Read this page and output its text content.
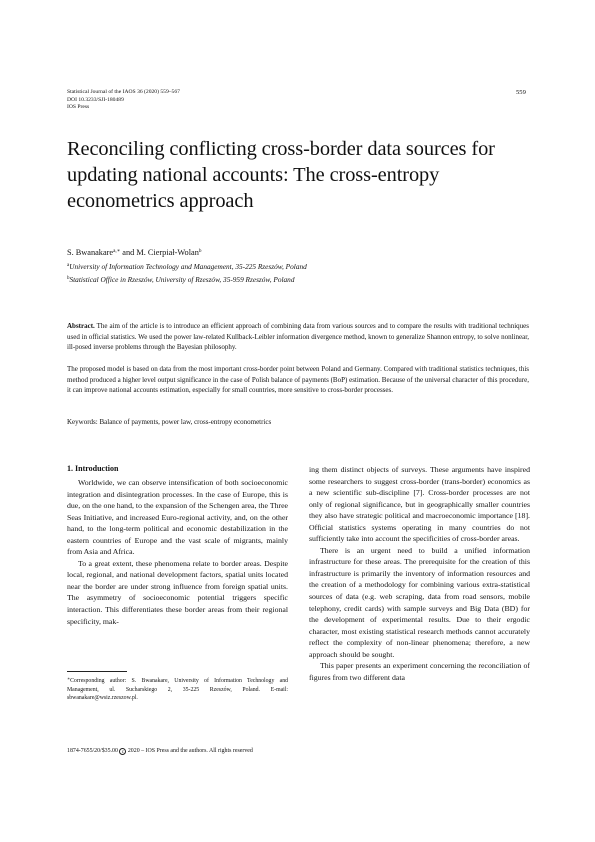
Statistical Journal of the IAOS 36 (2020) 559–567
DOI 10.3233/SJI-180489
IOS Press
559
Reconciling conflicting cross-border data sources for updating national accounts: The cross-entropy econometrics approach
S. Bwanakare$^{a,∗}$ and M. Cierpiał-Wolan$^b$
$^a$University of Information Technology and Management, 35-225 Rzeszów, Poland
$^b$Statistical Office in Rzeszów, University of Rzeszów, 35-959 Rzeszów, Poland
Abstract. The aim of the article is to introduce an efficient approach of combining data from various sources and to compare the results with traditional techniques used in official statistics. We used the power law-related Kullback-Leibler information divergence method, known to generalize Shannon entropy, to solve nonlinear, ill-posed inverse problems through the Bayesian philosophy.
The proposed model is based on data from the most important cross-border point between Poland and Germany. Compared with traditional statistics techniques, this method produced a higher level output significance in the case of Polish balance of payments (BoP) estimation. Because of the universal character of this procedure, it can improve national accounts estimation, especially for small countries, more sensitive to cross-border processes.
Keywords: Balance of payments, power law, cross-entropy econometrics
1. Introduction

Worldwide, we can observe intensification of both socioeconomic integration and disintegration processes. In the case of Europe, this is due, on the one hand, to the expansion of the Schengen area, the Three Seas Initiative, and increased Euro-regional activity, and, on the other hand, to the long-term political and economic destabilization in the eastern countries of Europe and the vast scale of migrants, mainly from Asia and Africa.

To a great extent, these phenomena relate to border areas. Despite local, regional, and national development factors, spatial units located near the border are under strong influence from foreign spatial units. The asymmetry of socioeconomic potential triggers specific interaction. This differentiates these border areas from their regional specificity, mak-

ing them distinct objects of surveys. These arguments have inspired some researchers to suggest cross-border (trans-border) economics as a new scientific sub-discipline [7]. Cross-border processes are not only of regional significance, but in geographically smaller countries they also have strategic political and macroeconomic importance [18]. Official statistics systems operating in many countries do not sufficiently take into account the specificities of cross-border areas.

There is an urgent need to build a unified information infrastructure for these areas. The prerequisite for the creation of this infrastructure is primarily the inventory of information resources and the creation of a methodology for combining various extra-statistical sources of data (e.g. web scraping, data from road sensors, mobile telephony, credit cards) with sample surveys and Big Data (BD) for the development of experimental results. Due to their ergodic character, most existing statistical research methods cannot accurately reflect the complexity of non-linear phenomena; therefore, a new approach should be sought.

This paper presents an experiment concerning the reconciliation of figures from two different data

∗Corresponding author: S. Bwanakare, University of Information Technology and Management, ul. Sucharskiego 2, 35-225 Rzeszów, Poland. E-mail: sbwanakare@wsiz.rzeszow.pl.
1874-7655/20/$35.00 c 2020 – IOS Press and the authors. All rights reserved
